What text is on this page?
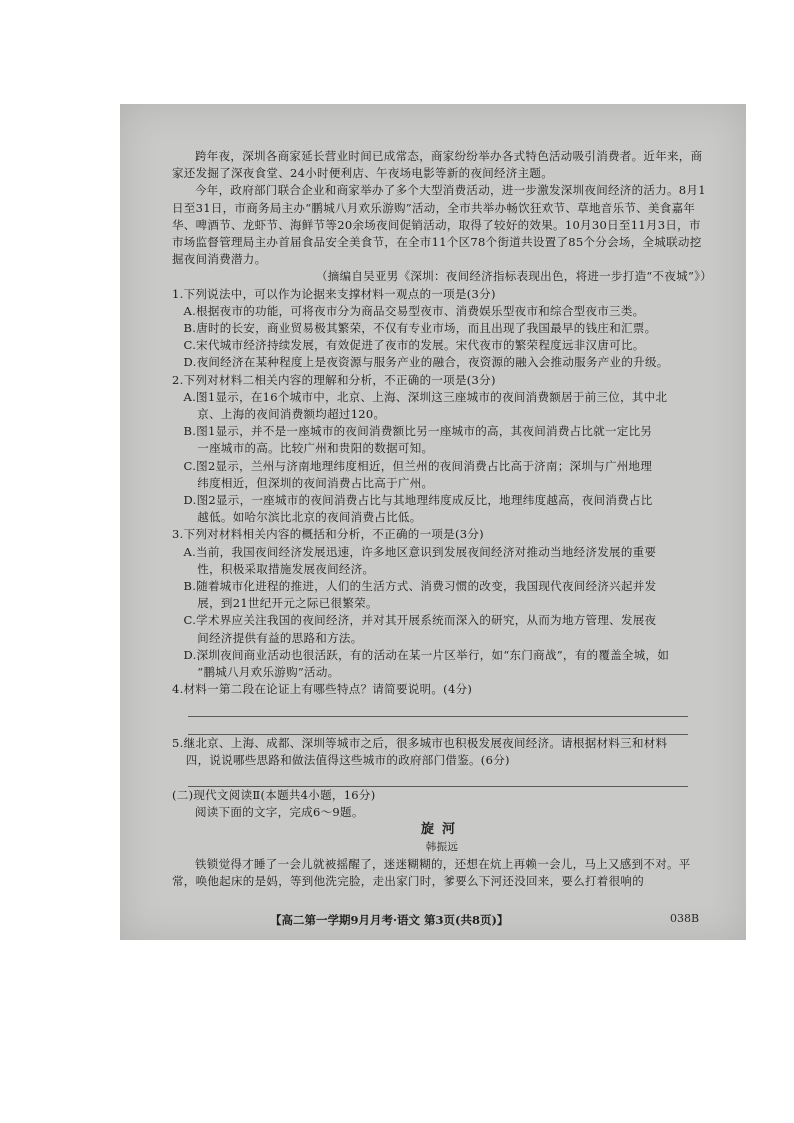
跨年夜，深圳各商家延长营业时间已成常态，商家纷纷举办各式特色活动吸引消费者。近年来，商家还发掘了深夜食堂、24小时便利店、午夜场电影等新的夜间经济主题。

今年，政府部门联合企业和商家举办了多个大型消费活动，进一步激发深圳夜间经济的活力。8月1日至31日，市商务局主办“鹏城八月欢乐游购”活动，全市共举办畅饮狂欢节、草地音乐节、美食嘉年华、啤酒节、龙虾节、海鲜节等20余场夜间促销活动，取得了较好的效果。10月30日至11月3日，市市场监督管理局主办首届食品安全美食节，在全市11个区78个街道共设置了85个分会场，全城联动挖掘夜间消费潜力。

（摘编自吴亚男《深圳：夜间经济指标表现出色，将进一步打造“不夜城”》）

1.下列说法中，可以作为论据来支撑材料一观点的一项是(3分)

A.根据夜市的功能，可将夜市分为商品交易型夜市、消费娱乐型夜市和综合型夜市三类。

B.唐时的长安，商业贸易极其繁荣，不仅有专业市场，而且出现了我国最早的钱庄和汇票。

C.宋代城市经济持续发展，有效促进了夜市的发展。宋代夜市的繁荣程度远非汉唐可比。

D.夜间经济在某种程度上是夜资源与服务产业的融合，夜资源的融入会推动服务产业的升级。

2.下列对材料二相关内容的理解和分析，不正确的一项是(3分)

A.图1显示，在16个城市中，北京、上海、深圳这三座城市的夜间消费额居于前三位，其中北
京、上海的夜间消费额均超过120。

B.图1显示，并不是一座城市的夜间消费额比另一座城市的高，其夜间消费占比就一定比另
一座城市的高。比较广州和贵阳的数据可知。

C.图2显示，兰州与济南地理纬度相近，但兰州的夜间消费占比高于济南；深圳与广州地理
纬度相近，但深圳的夜间消费占比高于广州。

D.图2显示，一座城市的夜间消费占比与其地理纬度成反比，地理纬度越高，夜间消费占比
越低。如哈尔滨比北京的夜间消费占比低。

3.下列对材料相关内容的概括和分析，不正确的一项是(3分)

A.当前，我国夜间经济发展迅速，许多地区意识到发展夜间经济对推动当地经济发展的重要
性，积极采取措施发展夜间经济。

B.随着城市化进程的推进，人们的生活方式、消费习惯的改变，我国现代夜间经济兴起并发
展，到21世纪开元之际已很繁荣。

C.学术界应关注我国的夜间经济，并对其开展系统而深入的研究，从而为地方管理、发展夜
间经济提供有益的思路和方法。

D.深圳夜间商业活动也很活跃，有的活动在某一片区举行，如“东门商战”，有的覆盖全城，如
“鹏城八月欢乐游购”活动。

4.材料一第二段在论证上有哪些特点？请简要说明。(4分)

5.继北京、上海、成都、深圳等城市之后，很多城市也积极发展夜间经济。请根据材料三和材料
四，说说哪些思路和做法值得这些城市的政府部门借鉴。(6分)

(二)现代文阅读Ⅱ(本题共4小题，16分)

阅读下面的文字，完成6～9题。

旋河

韩振远

铁锁觉得才睡了一会儿就被摇醒了，迷迷糊糊的，还想在炕上再赖一会儿，马上又感到不对。平常，唤他起床的是妈，等到他洗完脸，走出家门时，爹要么下河还没回来，要么打着很响的

【高二第一学期9月月考·语文 第3页(共8页)】	038B
